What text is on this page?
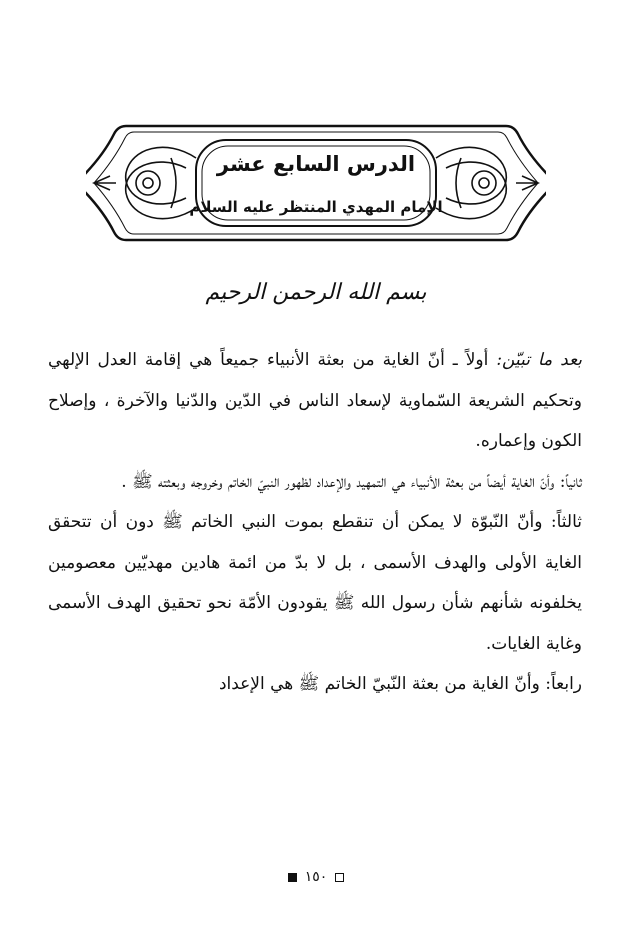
الدرس السابع عشر
الإمام المهدي المنتظر عليه السلام
بسم الله الرحمن الرحيم

بعد ما تبيّن: أولاً ـ أنّ الغاية من بعثة الأنبياء جميعاً هي إقامة العدل الإلهي وتحكيم الشريعة السّماوية لإسعاد الناس في الدّين والدّنيا والآخرة ، وإصلاح الكون وإعماره.

ثانياً: وأنّ الغاية أيضاً من بعثة الأنبياء هي التمهيد والإعداد لظهور النبيّ الخاتم وخروجه وبعثته ﷺ .

ثالثاً: وأنّ النّبوّة لا يمكن أن تنقطع بموت النبي الخاتم ﷺ دون أن تتحقق الغاية الأولى والهدف الأسمى ، بل لا بدّ من ائمة هادين مهديّين معصومين يخلفونه شأنهم شأن رسول الله ﷺ يقودون الأمّة نحو تحقيق الهدف الأسمى وغاية الغايات.

رابعاً: وأنّ الغاية من بعثة النّبيّ الخاتم ﷺ هي الإعداد

١٥٠
